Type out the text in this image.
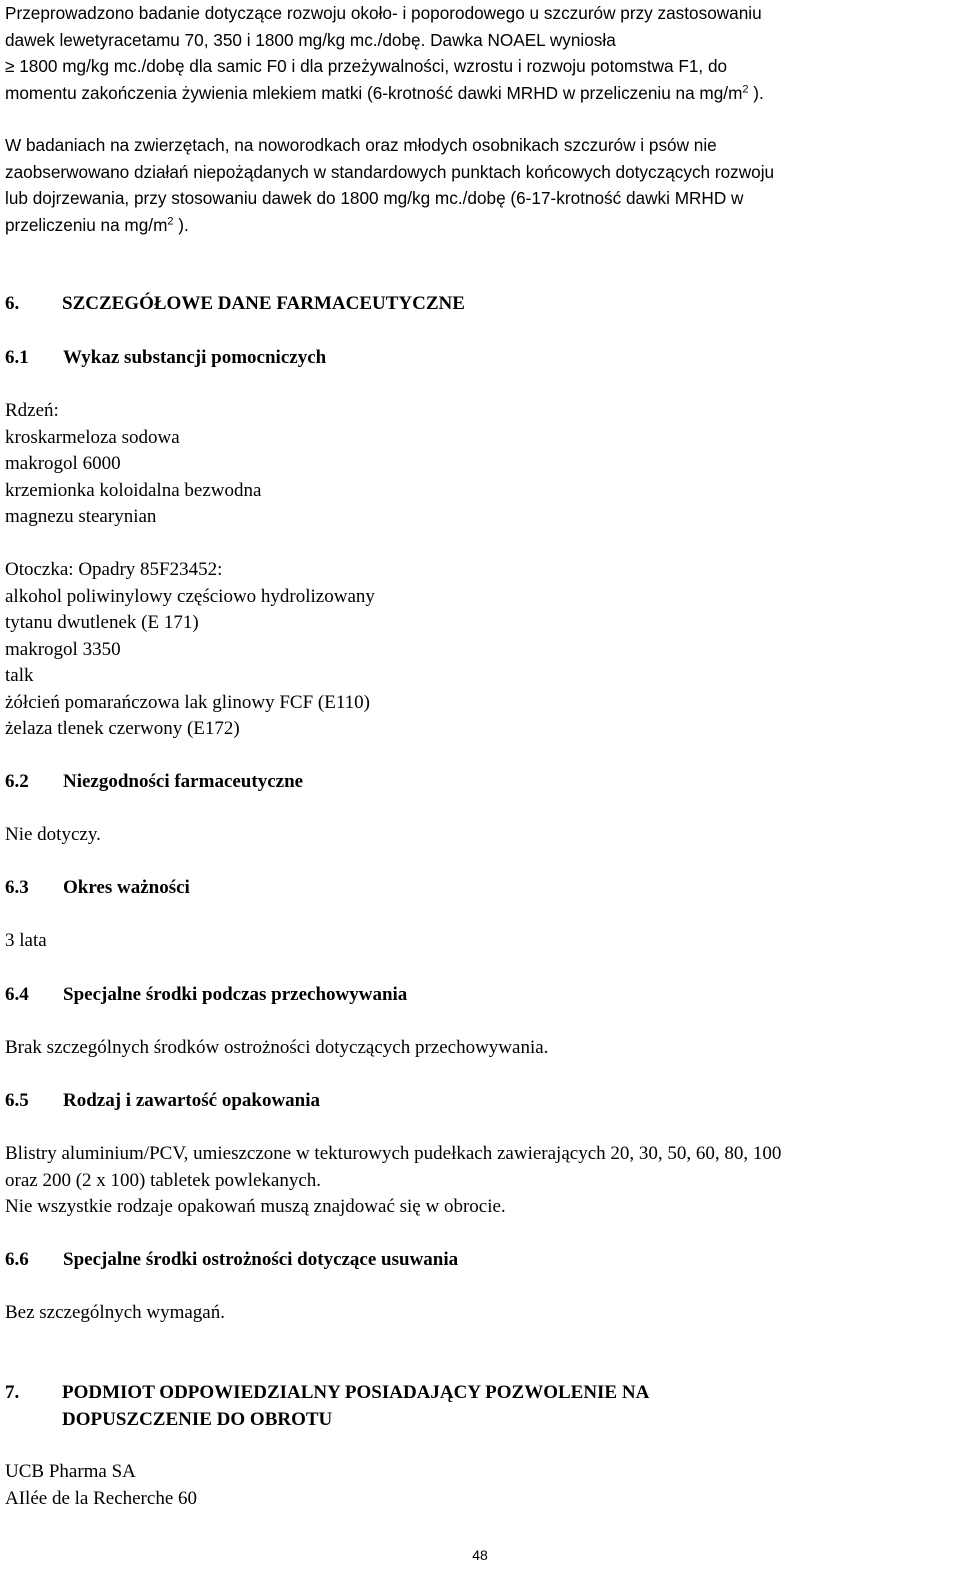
Przeprowadzono badanie dotyczące rozwoju około- i poporodowego u szczurów przy zastosowaniu

dawek lewetyracetamu 70, 350 i 1800 mg/kg mc./dobę. Dawka NOAEL wyniosła

≥ 1800 mg/kg mc./dobę dla samic F0 i dla przeżywalności, wzrostu i rozwoju potomstwa F1, do

momentu zakończenia żywienia mlekiem matki (6-krotność dawki MRHD w przeliczeniu na $mg/m^2$ ).

W badaniach na zwierzętach, na noworodkach oraz młodych osobnikach szczurów i psów nie

zaobserwowano działań niepożądanych w standardowych punktach końcowych dotyczących rozwoju

lub dojrzewania, przy stosowaniu dawek do 1800 mg/kg mc./dobę (6-17-krotność dawki MRHD w

przeliczeniu na $mg/m^2$ ).

6.	SZCZEGÓŁOWE DANE FARMACEUTYCZNE
6.1	Wykaz substancji pomocniczych

Rdzeń:

kroskarmeloza sodowa

makrogol 6000

krzemionka koloidalna bezwodna

magnezu stearynian

Otoczka: Opadry 85F23452:

alkohol poliwinylowy częściowo hydrolizowany

tytanu dwutlenek (E 171)

makrogol 3350

talk

żółcień pomarańczowa lak glinowy FCF (E110)

żelaza tlenek czerwony (E172)

6.2	Niezgodności farmaceutyczne

Nie dotyczy.

6.3	Okres ważności

3 lata

6.4	Specjalne środki podczas przechowywania

Brak szczególnych środków ostrożności dotyczących przechowywania.

6.5	Rodzaj i zawartość opakowania

Blistry aluminium/PCV, umieszczone w tekturowych pudełkach zawierających 20, 30, 50, 60, 80, 100

oraz 200 (2 x 100) tabletek powlekanych.

Nie wszystkie rodzaje opakowań muszą znajdować się w obrocie.

6.6	Specjalne środki ostrożności dotyczące usuwania

Bez szczególnych wymagań.

7.	PODMIOT ODPOWIEDZIALNY POSIADAJĄCY POZWOLENIE NA
DOPUSZCZENIE DO OBROTU

UCB Pharma SA

AIlée de la Recherche 60

48
